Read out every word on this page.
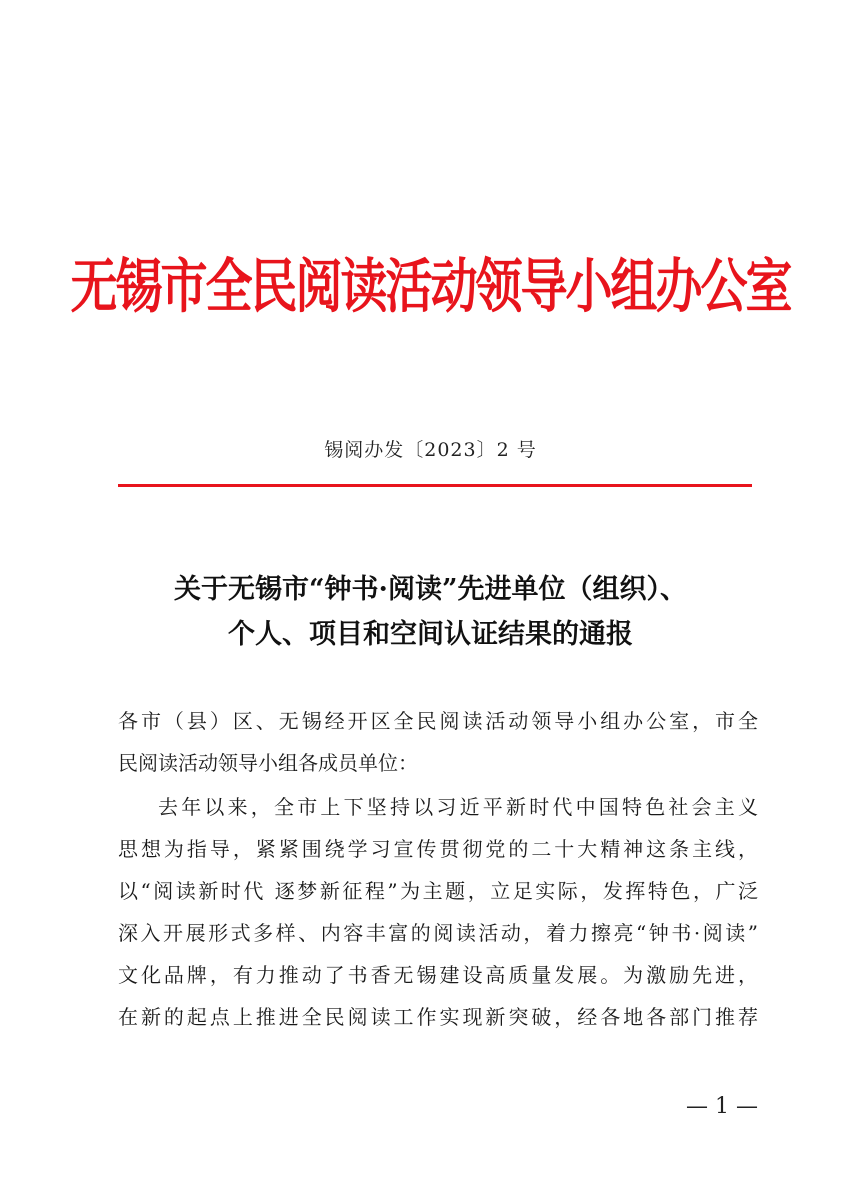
无锡市全民阅读活动领导小组办公室
锡阅办发〔2023〕2 号
关于无锡市“钟书·阅读”先进单位（组织）、
个人、项目和空间认证结果的通报
各市（县）区、无锡经开区全民阅读活动领导小组办公室，市全
民阅读活动领导小组各成员单位：
去年以来，全市上下坚持以习近平新时代中国特色社会主义
思想为指导，紧紧围绕学习宣传贯彻党的二十大精神这条主线，
以“阅读新时代 逐梦新征程”为主题，立足实际，发挥特色，广泛
深入开展形式多样、内容丰富的阅读活动，着力擦亮“钟书·阅读”
文化品牌，有力推动了书香无锡建设高质量发展。为激励先进，
在新的起点上推进全民阅读工作实现新突破，经各地各部门推荐
— 1 —
